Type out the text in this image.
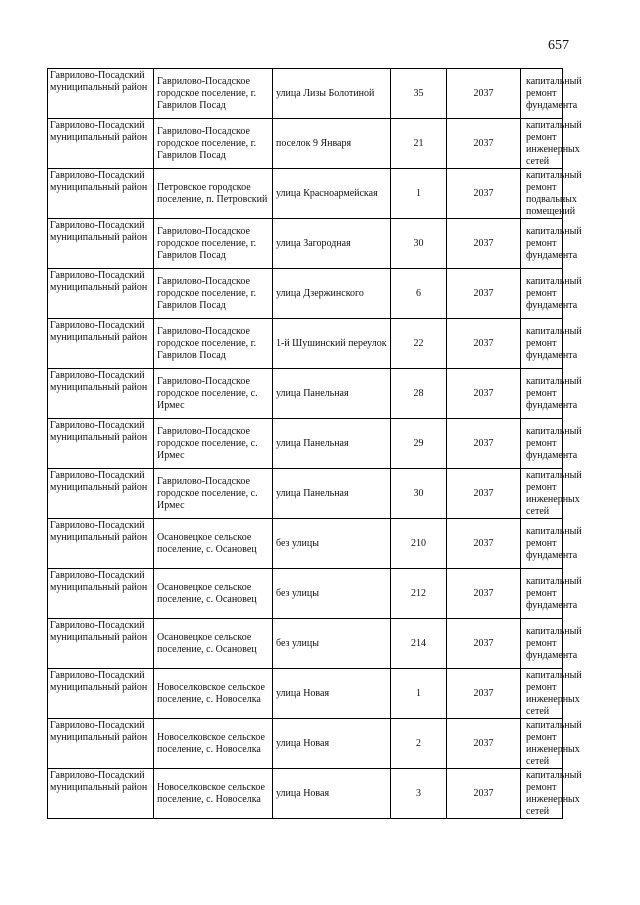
657
Гаврилово-Посадский муниципальный район	Гаврилово-Посадское городское поселение, г. Гаврилов Посад	улица Лизы Болотиной	35	2037	капитальный ремонт фундамента
Гаврилово-Посадский муниципальный район	Гаврилово-Посадское городское поселение, г. Гаврилов Посад	поселок 9 Января	21	2037	капитальный ремонт инженерных сетей
Гаврилово-Посадский муниципальный район	Петровское городское поселение, п. Петровский	улица Красноармейская	1	2037	капитальный ремонт подвальных помещений
Гаврилово-Посадский муниципальный район	Гаврилово-Посадское городское поселение, г. Гаврилов Посад	улица Загородная	30	2037	капитальный ремонт фундамента
Гаврилово-Посадский муниципальный район	Гаврилово-Посадское городское поселение, г. Гаврилов Посад	улица Дзержинского	6	2037	капитальный ремонт фундамента
Гаврилово-Посадский муниципальный район	Гаврилово-Посадское городское поселение, г. Гаврилов Посад	1-й Шушинский переулок	22	2037	капитальный ремонт фундамента
Гаврилово-Посадский муниципальный район	Гаврилово-Посадское городское поселение, с. Ирмес	улица Панельная	28	2037	капитальный ремонт фундамента
Гаврилово-Посадский муниципальный район	Гаврилово-Посадское городское поселение, с. Ирмес	улица Панельная	29	2037	капитальный ремонт фундамента
Гаврилово-Посадский муниципальный район	Гаврилово-Посадское городское поселение, с. Ирмес	улица Панельная	30	2037	капитальный ремонт инженерных сетей
Гаврилово-Посадский муниципальный район	Осановецкое сельское поселение, с. Осановец	без улицы	210	2037	капитальный ремонт фундамента
Гаврилово-Посадский муниципальный район	Осановецкое сельское поселение, с. Осановец	без улицы	212	2037	капитальный ремонт фундамента
Гаврилово-Посадский муниципальный район	Осановецкое сельское поселение, с. Осановец	без улицы	214	2037	капитальный ремонт фундамента
Гаврилово-Посадский муниципальный район	Новоселковское сельское поселение, с. Новоселка	улица Новая	1	2037	капитальный ремонт инженерных сетей
Гаврилово-Посадский муниципальный район	Новоселковское сельское поселение, с. Новоселка	улица Новая	2	2037	капитальный ремонт инженерных сетей
Гаврилово-Посадский муниципальный район	Новоселковское сельское поселение, с. Новоселка	улица Новая	3	2037	капитальный ремонт инженерных сетей
